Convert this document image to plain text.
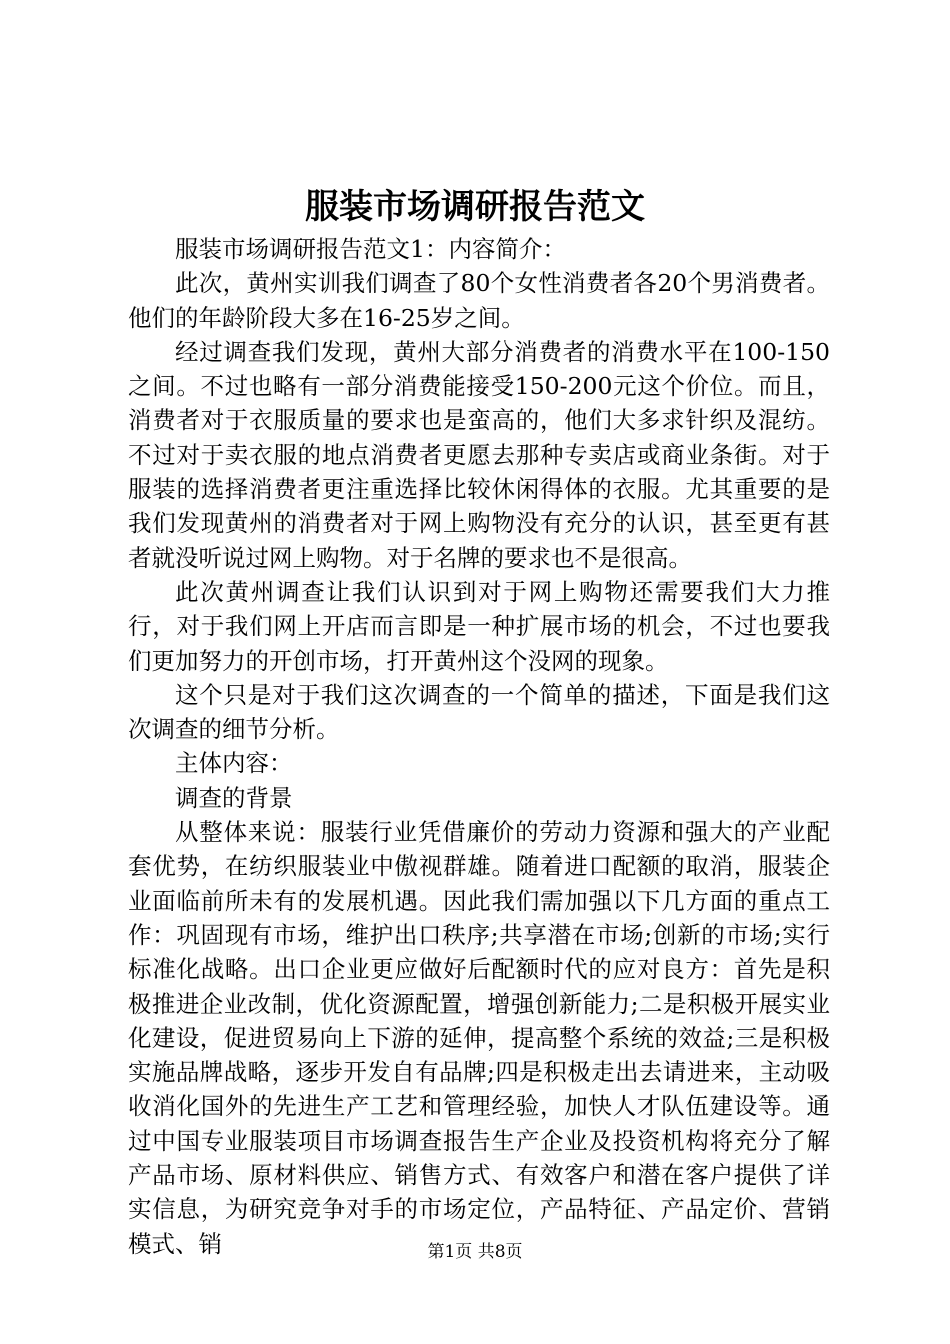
服装市场调研报告范文

服装市场调研报告范文1：内容简介：

此次，黄州实训我们调查了80个女性消费者各20个男消费者。他们的年龄阶段大多在16-25岁之间。

经过调查我们发现，黄州大部分消费者的消费水平在100-150之间。不过也略有一部分消费能接受150-200元这个价位。而且，消费者对于衣服质量的要求也是蛮高的，他们大多求针织及混纺。不过对于卖衣服的地点消费者更愿去那种专卖店或商业条街。对于服装的选择消费者更注重选择比较休闲得体的衣服。尤其重要的是我们发现黄州的消费者对于网上购物没有充分的认识，甚至更有甚者就没听说过网上购物。对于名牌的要求也不是很高。

此次黄州调查让我们认识到对于网上购物还需要我们大力推行，对于我们网上开店而言即是一种扩展市场的机会，不过也要我们更加努力的开创市场，打开黄州这个没网的现象。

这个只是对于我们这次调查的一个简单的描述，下面是我们这次调查的细节分析。

主体内容：

调查的背景

从整体来说：服装行业凭借廉价的劳动力资源和强大的产业配套优势，在纺织服装业中傲视群雄。随着进口配额的取消，服装企业面临前所未有的发展机遇。因此我们需加强以下几方面的重点工作：巩固现有市场，维护出口秩序;共享潜在市场;创新的市场;实行标准化战略。出口企业更应做好后配额时代的应对良方：首先是积极推进企业改制，优化资源配置，增强创新能力;二是积极开展实业化建设，促进贸易向上下游的延伸，提高整个系统的效益;三是积极实施品牌战略，逐步开发自有品牌;四是积极走出去请进来，主动吸收消化国外的先进生产工艺和管理经验，加快人才队伍建设等。通过中国专业服装项目市场调查报告生产企业及投资机构将充分了解产品市场、原材料供应、销售方式、有效客户和潜在客户提供了详实信息，为研究竞争对手的市场定位，产品特征、产品定价、营销模式、销	第1页 共8页
